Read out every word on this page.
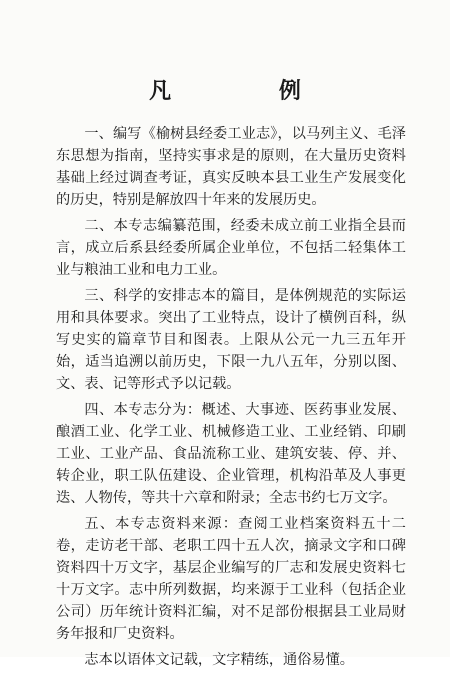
凡 例

一、编写《榆树县经委工业志》，以马列主义、毛泽东思想为指南，坚持实事求是的原则，在大量历史资料基础上经过调查考证，真实反映本县工业生产发展变化的历史，特别是解放四十年来的发展历史。

二、本专志编纂范围，经委未成立前工业指全县而言，成立后系县经委所属企业单位，不包括二轻集体工业与粮油工业和电力工业。

三、科学的安排志本的篇目，是体例规范的实际运用和具体要求。突出了工业特点，设计了横例百科，纵写史实的篇章节目和图表。上限从公元一九三五年开始，适当追溯以前历史，下限一九八五年，分别以图、文、表、记等形式予以记载。

四、本专志分为：概述、大事迹、医药事业发展、酿酒工业、化学工业、机械修造工业、工业经销、印刷工业、工业产品、食品流称工业、建筑安装、停、并、转企业，职工队伍建设、企业管理，机构沿革及人事更迭、人物传，等共十六章和附录；全志书约七万文字。

五、本专志资料来源：查阅工业档案资料五十二卷，走访老干部、老职工四十五人次，摘录文字和口碑资料四十万文字，基层企业编写的厂志和发展史资料七十万文字。志中所列数据，均来源于工业科（包括企业公司）历年统计资料汇编，对不足部份根据县工业局财务年报和厂史资料。

志本以语体文记载，文字精练，通俗易懂。
